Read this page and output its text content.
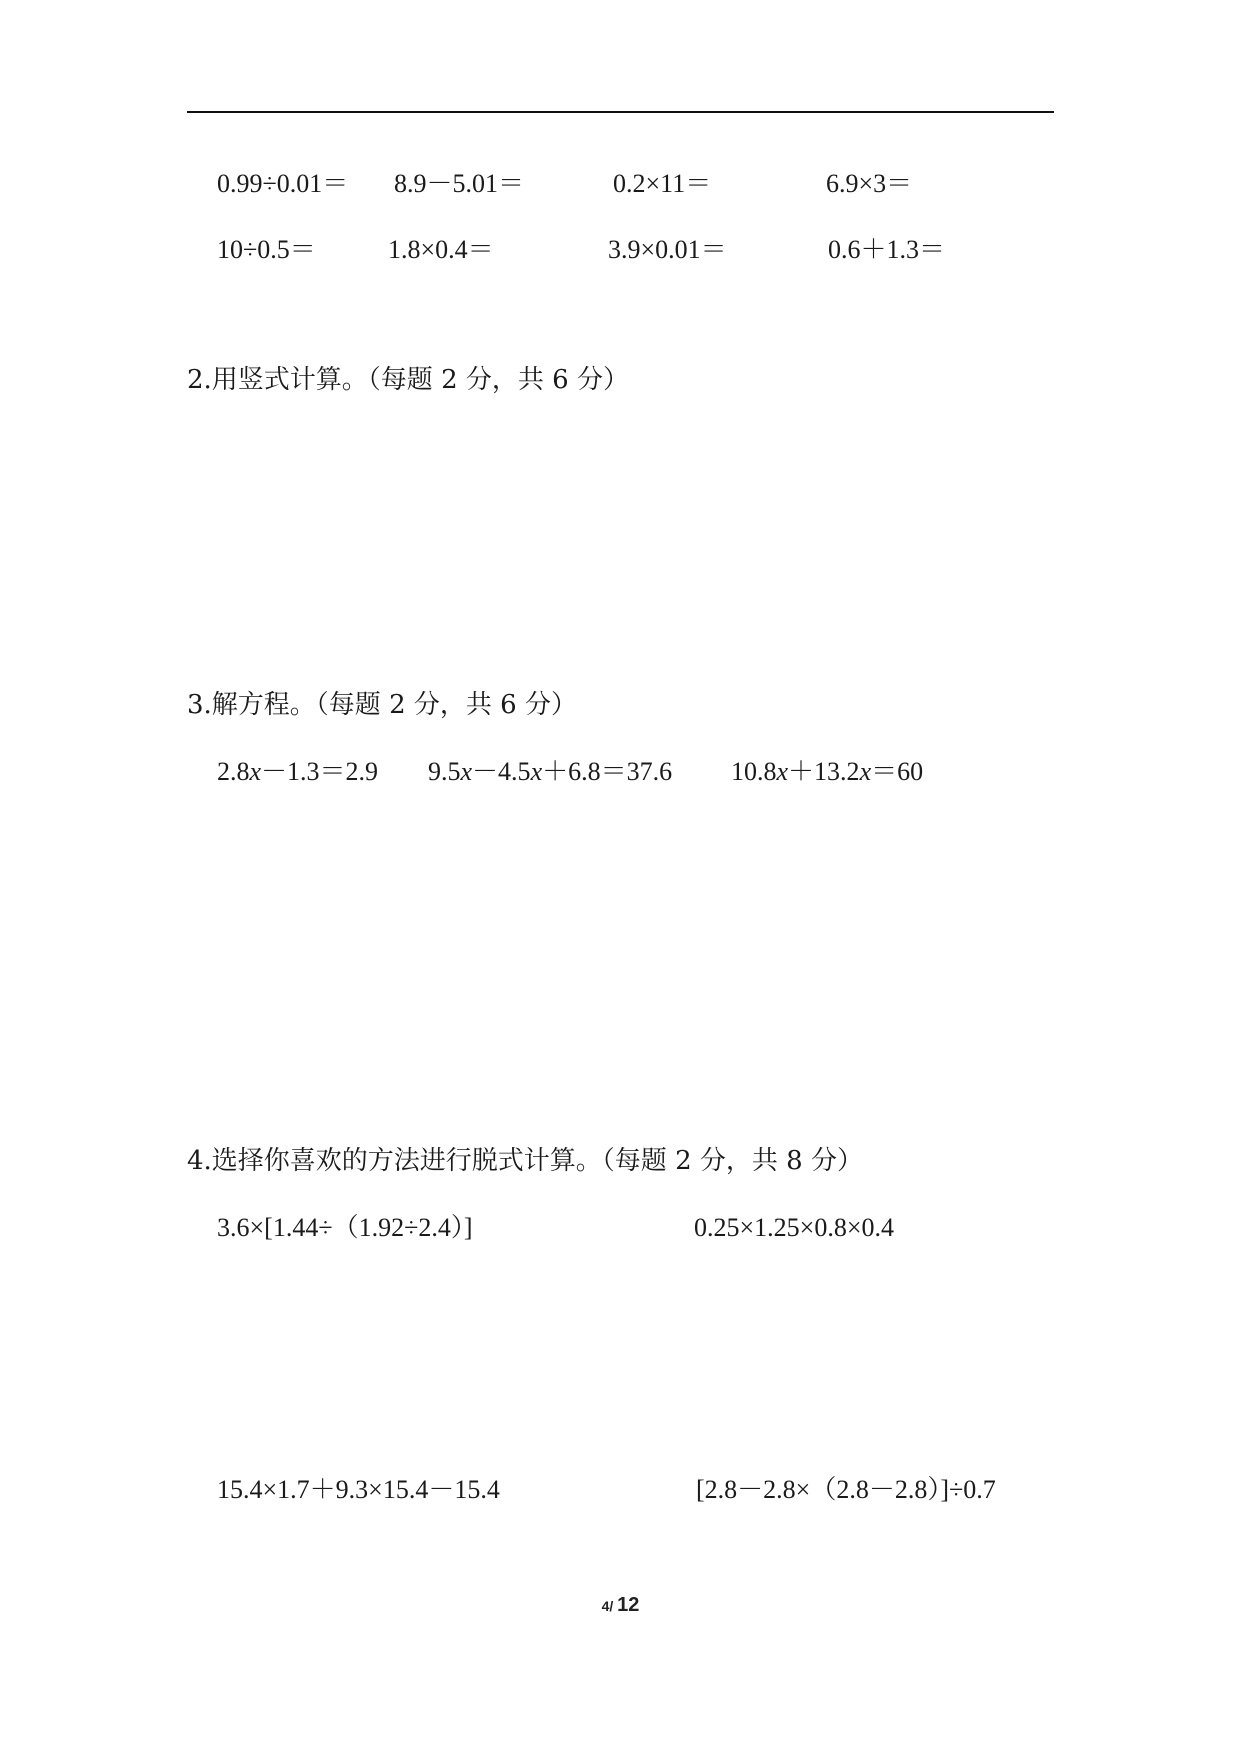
0.99÷0.01＝ 8.9－5.01＝	0.2×11＝	6.9×3＝
10÷0.5＝	1.8×0.4＝	3.9×0.01＝	0.6＋1.3＝
2.用竖式计算。（每题 2 分，共 6 分）
3.解方程。（每题 2 分，共 6 分）
2.8x－1.3＝2.9 9.5x－4.5x＋6.8＝37.6 10.8x＋13.2x＝60
4.选择你喜欢的方法进行脱式计算。（每题 2 分，共 8 分）
3.6×[1.44÷（1.92÷2.4）]	0.25×1.25×0.8×0.4
15.4×1.7＋9.3×15.4－15.4	[2.8－2.8×（2.8－2.8）]÷0.7
4/ 12
